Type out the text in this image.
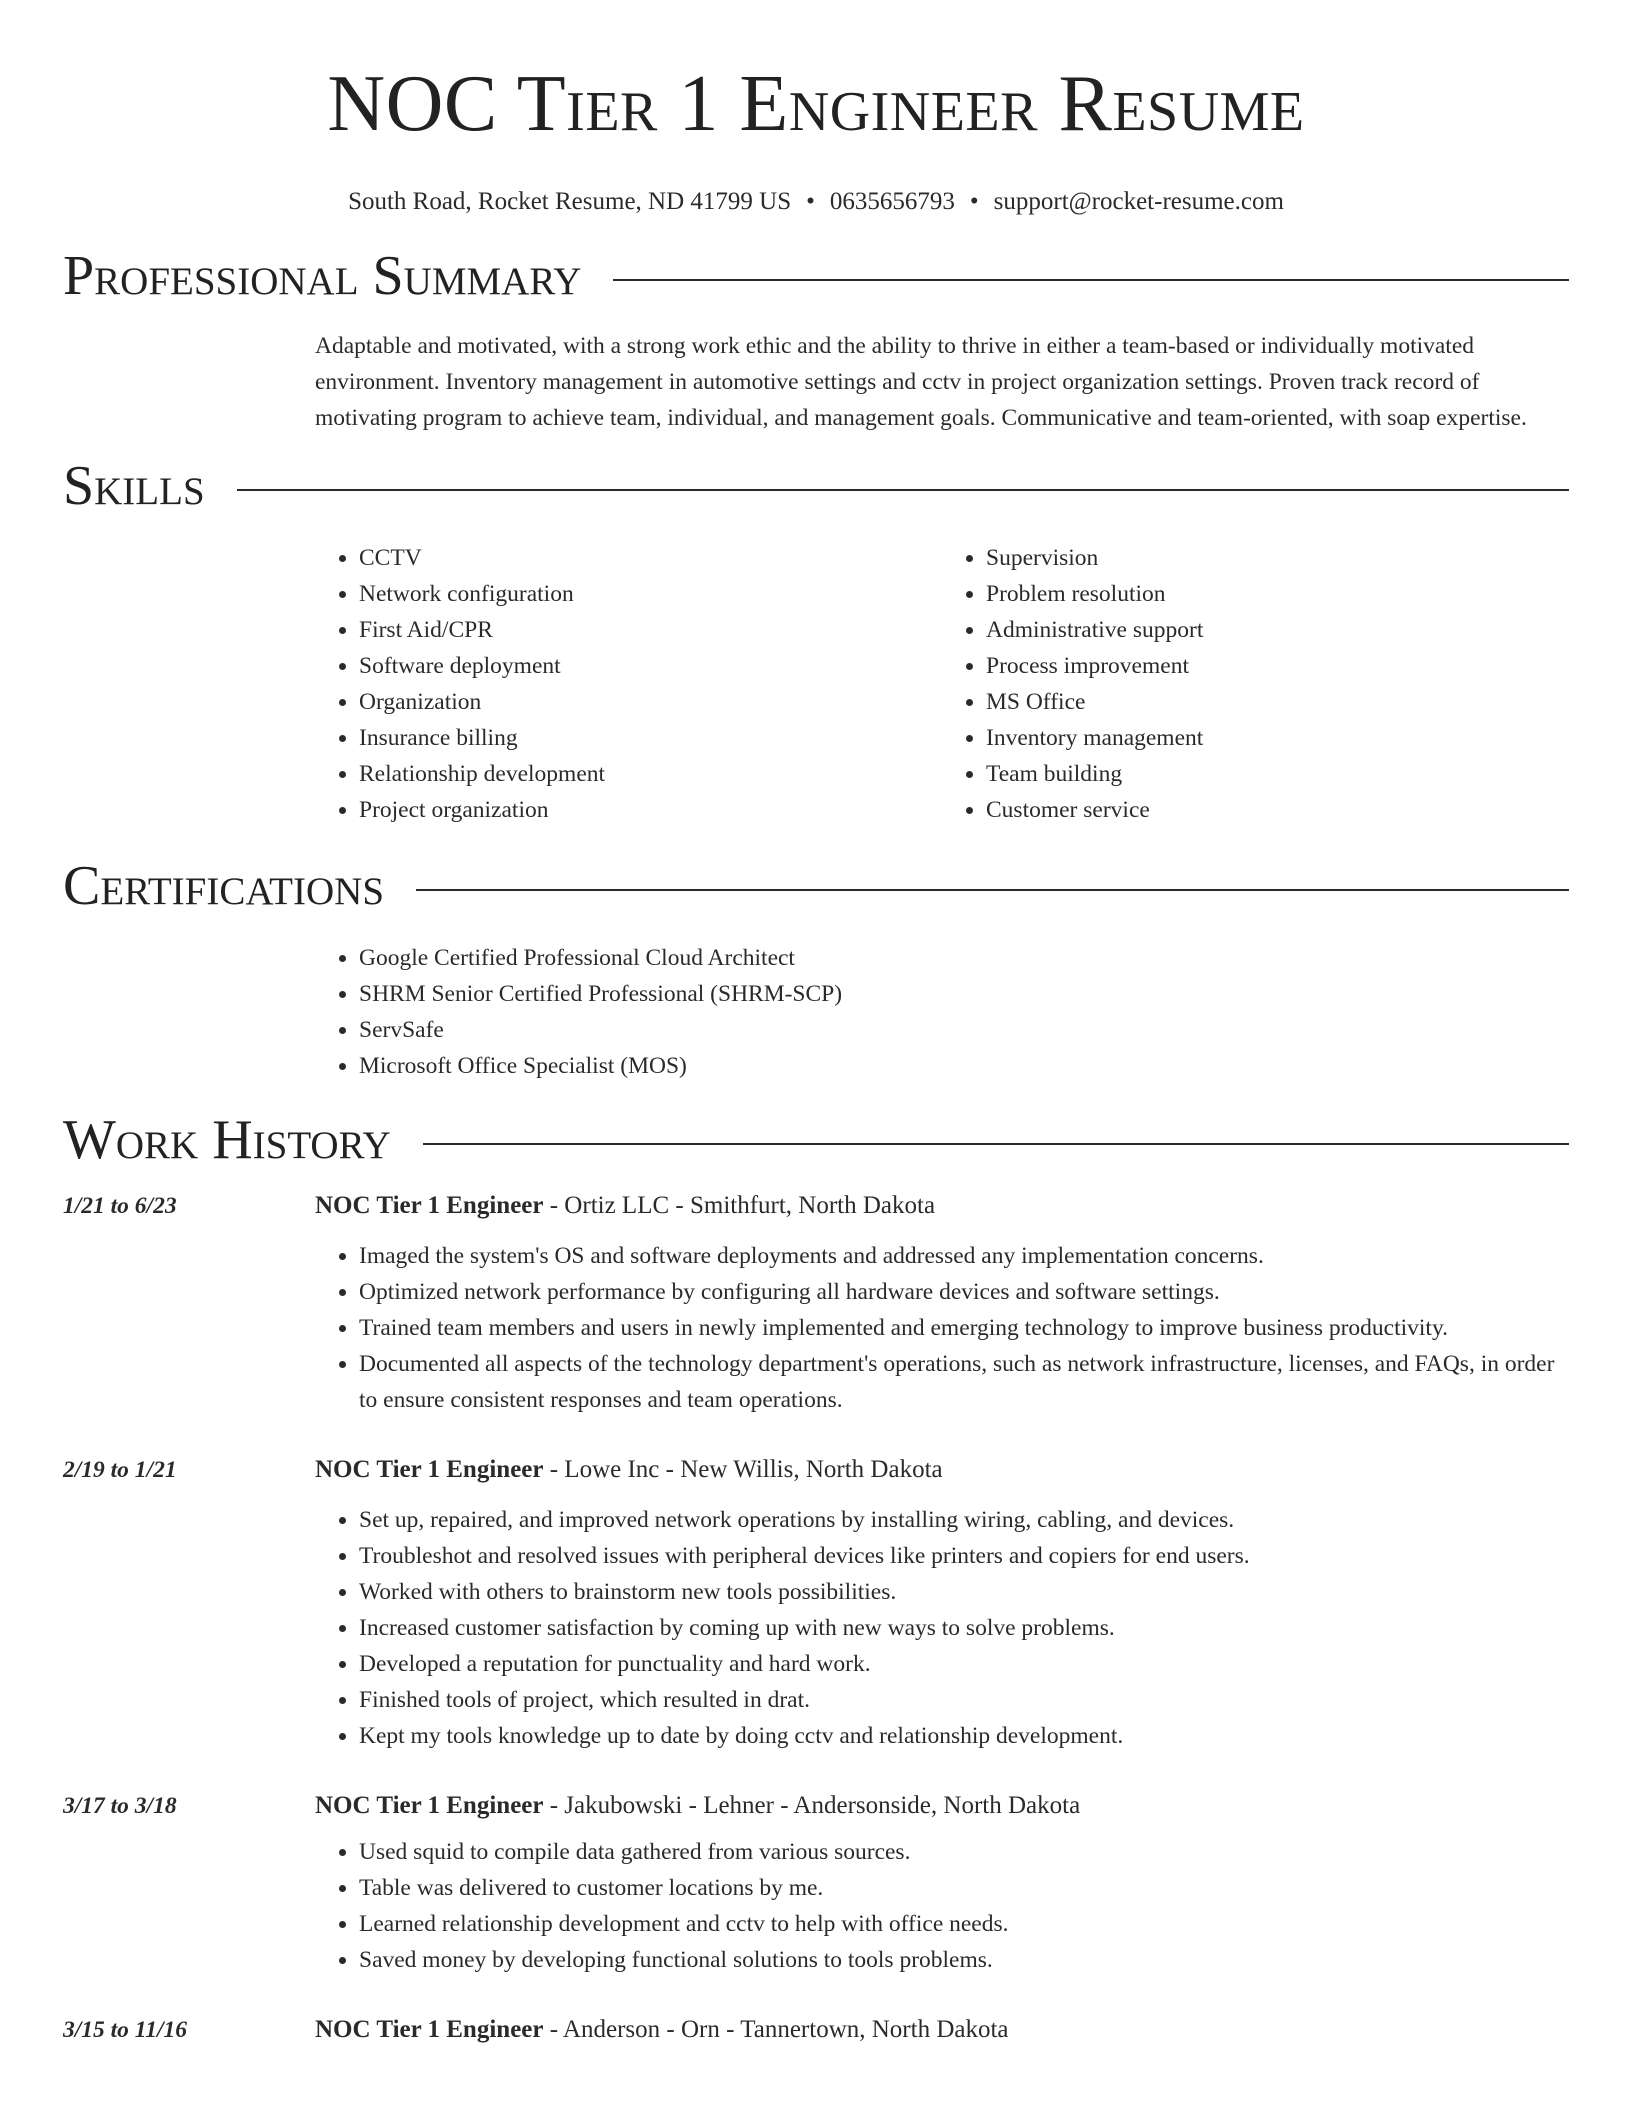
NOC Tier 1 Engineer Resume
South Road, Rocket Resume, ND 41799 US • 0635656793 • support@rocket-resume.com
Professional Summary

Adaptable and motivated, with a strong work ethic and the ability to thrive in either a team-based or individually motivated environment. Inventory management in automotive settings and cctv in project organization settings. Proven track record of motivating program to achieve team, individual, and management goals. Communicative and team-oriented, with soap expertise.

Skills
• CCTV
• Network configuration
• First Aid/CPR
• Software deployment
• Organization
• Insurance billing
• Relationship development
• Project organization
• Supervision
• Problem resolution
• Administrative support
• Process improvement
• MS Office
• Inventory management
• Team building
• Customer service
Certifications
• Google Certified Professional Cloud Architect
• SHRM Senior Certified Professional (SHRM-SCP)
• ServSafe
• Microsoft Office Specialist (MOS)
Work History
1/21 to 6/23	NOC Tier 1 Engineer - Ortiz LLC - Smithfurt, North Dakota
• Imaged the system's OS and software deployments and addressed any implementation concerns.
• Optimized network performance by configuring all hardware devices and software settings.
• Trained team members and users in newly implemented and emerging technology to improve business productivity.
• Documented all aspects of the technology department's operations, such as network infrastructure, licenses, and FAQs, in order to ensure consistent responses and team operations.
2/19 to 1/21	NOC Tier 1 Engineer - Lowe Inc - New Willis, North Dakota
• Set up, repaired, and improved network operations by installing wiring, cabling, and devices.
• Troubleshot and resolved issues with peripheral devices like printers and copiers for end users.
• Worked with others to brainstorm new tools possibilities.
• Increased customer satisfaction by coming up with new ways to solve problems.
• Developed a reputation for punctuality and hard work.
• Finished tools of project, which resulted in drat.
• Kept my tools knowledge up to date by doing cctv and relationship development.
3/17 to 3/18	NOC Tier 1 Engineer - Jakubowski - Lehner - Andersonside, North Dakota
• Used squid to compile data gathered from various sources.
• Table was delivered to customer locations by me.
• Learned relationship development and cctv to help with office needs.
• Saved money by developing functional solutions to tools problems.
3/15 to 11/16	NOC Tier 1 Engineer - Anderson - Orn - Tannertown, North Dakota
